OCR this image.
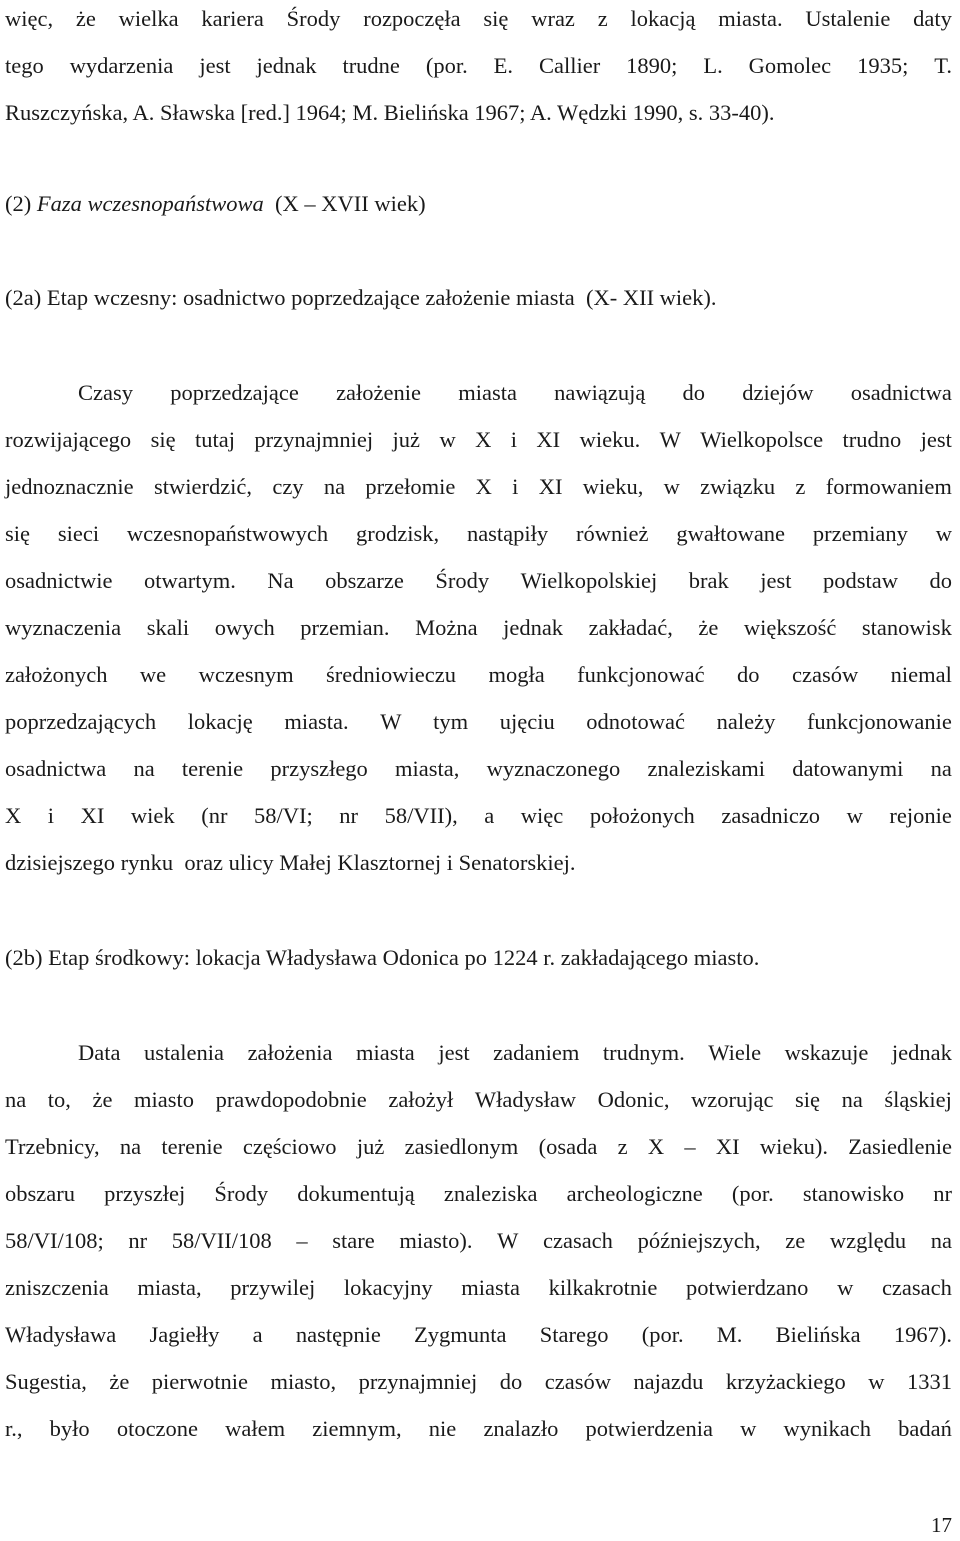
więc, że wielka kariera Środy rozpoczęła się wraz z lokacją miasta. Ustalenie daty
tego wydarzenia jest jednak trudne (por. E. Callier 1890; L. Gomolec 1935; T.
Ruszczyńska, A. Sławska [red.] 1964; M. Bielińska 1967; A. Wędzki 1990, s. 33-40).
(2) Faza wczesnopaństwowa  (X – XVII wiek)
(2a) Etap wczesny: osadnictwo poprzedzające założenie miasta  (X- XII wiek).
Czasy poprzedzające założenie miasta nawiązują do dziejów osadnictwa
rozwijającego się tutaj przynajmniej już w X i XI wieku. W Wielkopolsce trudno jest
jednoznacznie stwierdzić, czy na przełomie X i XI wieku, w związku z formowaniem
się sieci wczesnopaństwowych grodzisk, nastąpiły również gwałtowane przemiany w
osadnictwie otwartym. Na obszarze Środy Wielkopolskiej brak jest podstaw do
wyznaczenia skali owych przemian. Można jednak zakładać, że większość stanowisk
założonych we wczesnym średniowieczu mogła funkcjonować do czasów niemal
poprzedzających lokację miasta. W tym ujęciu odnotować należy funkcjonowanie
osadnictwa na terenie przyszłego miasta, wyznaczonego znaleziskami datowanymi na
X i XI wiek (nr 58/VI; nr 58/VII), a więc położonych zasadniczo w rejonie
dzisiejszego rynku  oraz ulicy Małej Klasztornej i Senatorskiej.
(2b) Etap środkowy: lokacja Władysława Odonica po 1224 r. zakładającego miasto.
Data ustalenia założenia miasta jest zadaniem trudnym. Wiele wskazuje jednak
na to, że miasto prawdopodobnie założył Władysław Odonic, wzorując się na śląskiej
Trzebnicy, na terenie częściowo już zasiedlonym (osada z X – XI wieku). Zasiedlenie
obszaru przyszłej Środy dokumentują znaleziska archeologiczne (por. stanowisko nr
58/VI/108; nr 58/VII/108 – stare miasto). W czasach późniejszych, ze względu na
zniszczenia miasta, przywilej lokacyjny miasta kilkakrotnie potwierdzano w czasach
Władysława Jagiełły a następnie Zygmunta Starego (por. M. Bielińska 1967).
Sugestia, że pierwotnie miasto, przynajmniej do czasów najazdu krzyżackiego w 1331
r., było otoczone wałem ziemnym, nie znalazło potwierdzenia w wynikach badań
17
